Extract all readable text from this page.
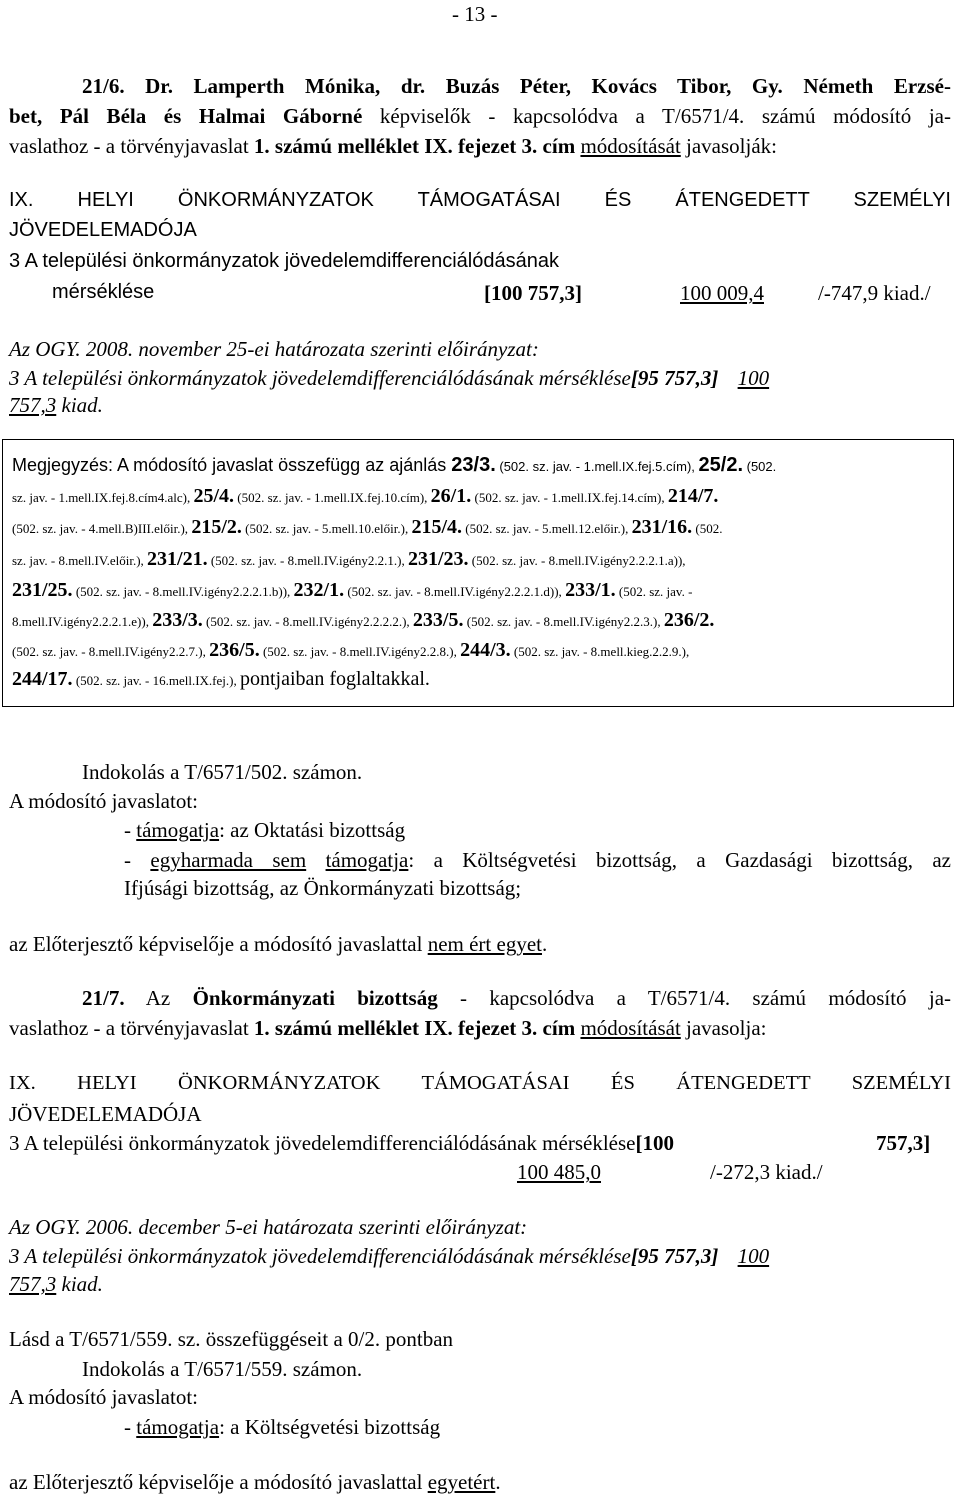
- 13 -
21/6. Dr. Lamperth Mónika, dr. Buzás Péter, Kovács Tibor, Gy. Németh Erzsé-
bet, Pál Béla és Halmai Gáborné képviselők - kapcsolódva a T/6571/4. számú módosító ja-
vaslathoz - a törvényjavaslat 1. számú melléklet IX. fejezet 3. cím módosítását javasolják:
IX. HELYI ÖNKORMÁNYZATOK TÁMOGATÁSAI ÉS ÁTENGEDETT SZEMÉLYI
JÖVEDELEMADÓJA
3 A települési önkormányzatok jövedelemdifferenciálódásának
mérséklése	[100 757,3]	100 009,4	/-747,9 kiad./
Az OGY. 2008. november 25-ei határozata szerinti előirányzat:
3 A települési önkormányzatok jövedelemdifferenciálódásának mérséklése[95 757,3] 100
757,3 kiad.
Megjegyzés: A módosító javaslat összefügg az ajánlás 23/3. (502. sz. jav. - 1.mell.IX.fej.5.cím), 25/2. (502.
sz. jav. - 1.mell.IX.fej.8.cím4.alc), 25/4. (502. sz. jav. - 1.mell.IX.fej.10.cím), 26/1. (502. sz. jav. - 1.mell.IX.fej.14.cím), 214/7.
(502. sz. jav. - 4.mell.B)III.előir.), 215/2. (502. sz. jav. - 5.mell.10.előir.), 215/4. (502. sz. jav. - 5.mell.12.előir.), 231/16. (502.
sz. jav. - 8.mell.IV.előir.), 231/21. (502. sz. jav. - 8.mell.IV.igény2.2.1.), 231/23. (502. sz. jav. - 8.mell.IV.igény2.2.2.1.a)),
231/25. (502. sz. jav. - 8.mell.IV.igény2.2.2.1.b)), 232/1. (502. sz. jav. - 8.mell.IV.igény2.2.2.1.d)), 233/1. (502. sz. jav. -
8.mell.IV.igény2.2.2.1.e)), 233/3. (502. sz. jav. - 8.mell.IV.igény2.2.2.2.), 233/5. (502. sz. jav. - 8.mell.IV.igény2.2.3.), 236/2.
(502. sz. jav. - 8.mell.IV.igény2.2.7.), 236/5. (502. sz. jav. - 8.mell.IV.igény2.2.8.), 244/3. (502. sz. jav. - 8.mell.kieg.2.2.9.),
244/17. (502. sz. jav. - 16.mell.IX.fej.), pontjaiban foglaltakkal.
Indokolás a T/6571/502. számon.
A módosító javaslatot:
- támogatja: az Oktatási bizottság
- egyharmada sem támogatja: a Költségvetési bizottság, a Gazdasági bizottság, az
Ifjúsági bizottság, az Önkormányzati bizottság;
az Előterjesztő képviselője a módosító javaslattal nem ért egyet.
21/7. Az Önkormányzati bizottság - kapcsolódva a T/6571/4. számú módosító ja-
vaslathoz - a törvényjavaslat 1. számú melléklet IX. fejezet 3. cím módosítását javasolja:
IX. HELYI ÖNKORMÁNYZATOK TÁMOGATÁSAI ÉS ÁTENGEDETT SZEMÉLYI
JÖVEDELEMADÓJA
3 A települési önkormányzatok jövedelemdifferenciálódásának mérséklése[100	757,3]
100 485,0	/-272,3 kiad./
Az OGY. 2006. december 5-ei határozata szerinti előirányzat:
3 A települési önkormányzatok jövedelemdifferenciálódásának mérséklése[95 757,3] 100
757,3 kiad.
Lásd a T/6571/559. sz. összefüggéseit a 0/2. pontban
Indokolás a T/6571/559. számon.
A módosító javaslatot:
- támogatja: a Költségvetési bizottság
az Előterjesztő képviselője a módosító javaslattal egyetért.
